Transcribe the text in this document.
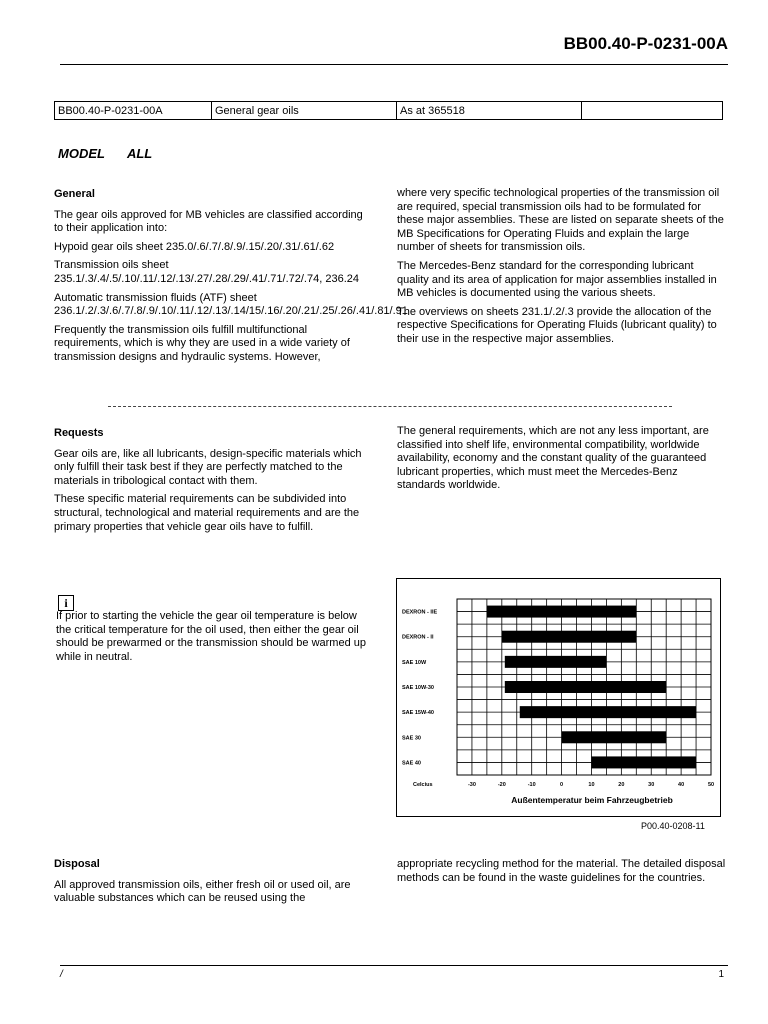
BB00.40-P-0231-00A
BB00.40-P-0231-00A	General gear oils	As at 365518	
MODEL ALL
General

The gear oils approved for MB vehicles are classified according to their application into:

Hypoid gear oils sheet 235.0/.6/.7/.8/.9/.15/.20/.31/.61/.62

Transmission oils sheet 235.1/.3/.4/.5/.10/.11/.12/.13/.27/.28/.29/.41/.71/.72/.74, 236.24

Automatic transmission fluids (ATF) sheet 236.1/.2/.3/.6/.7/.8/.9/.10/.11/.12/.13/.14/15/.16/.20/.21/.25/.26/.41/.81/.91

Frequently the transmission oils fulfill multifunctional requirements, which is why they are used in a wide variety of transmission designs and hydraulic systems. However,

where very specific technological properties of the transmission oil are required, special transmission oils had to be formulated for these major assemblies. These are listed on separate sheets of the MB Specifications for Operating Fluids and explain the large number of sheets for transmission oils.

The Mercedes-Benz standard for the corresponding lubricant quality and its area of application for major assemblies installed in MB vehicles is documented using the various sheets.

The overviews on sheets 231.1/.2/.3 provide the allocation of the respective Specifications for Operating Fluids (lubricant quality) to their use in the respective major assemblies.

Requests

Gear oils are, like all lubricants, design-specific materials which only fulfill their task best if they are perfectly matched to the materials in tribological contact with them.

These specific material requirements can be subdivided into structural, technological and material requirements and are the primary properties that vehicle gear oils have to fulfill.

The general requirements, which are not any less important, are classified into shelf life, environmental compatibility, worldwide availability, economy and the constant quality of the guaranteed lubricant properties, which must meet the Mercedes-Benz standards worldwide.

i
If prior to starting the vehicle the gear oil temperature is below the critical temperature for the oil used, then either the gear oil should be prewarmed or the transmission should be warmed up while in neutral.
DEXRON - IIE
DEXRON - II
SAE 10W
SAE 10W-30
SAE 15W-40
SAE 30
SAE 40
Celcius	-30	-20	-10	0	10	20	30	40	50
Außentemperatur beim Fahrzeugbetrieb
P00.40-0208-11
Disposal

All approved transmission oils, either fresh oil or used oil, are valuable substances which can be reused using the

appropriate recycling method for the material. The detailed disposal methods can be found in the waste guidelines for the countries.

/	1
